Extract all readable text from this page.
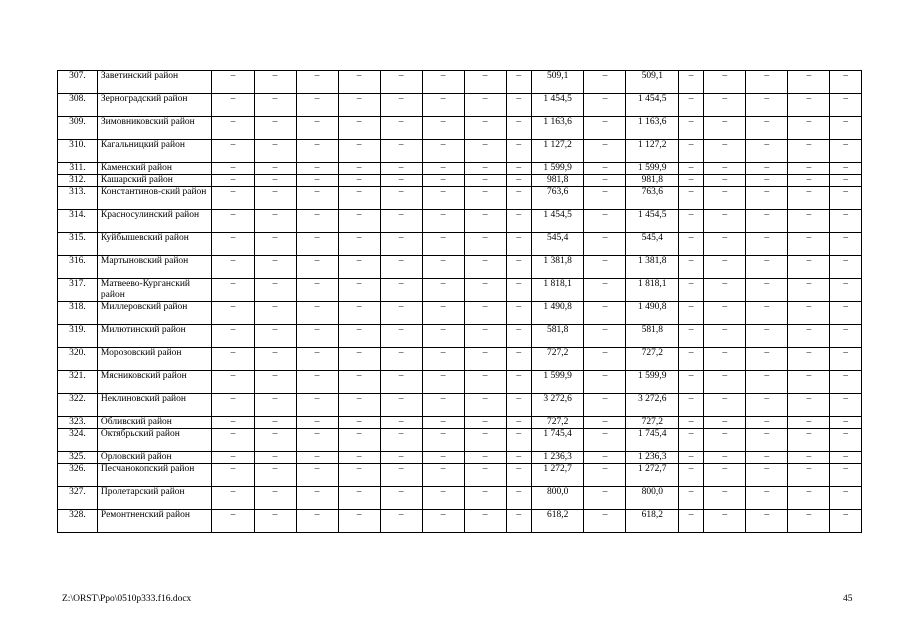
307.	Заветинский район	–	–	–	–	–	–	–	–	509,1	–	509,1	–	–	–	–	–
308.	Зерноградский район	–	–	–	–	–	–	–	–	1 454,5	–	1 454,5	–	–	–	–	–
309.	Зимовниковский район	–	–	–	–	–	–	–	–	1 163,6	–	1 163,6	–	–	–	–	–
310.	Кагальницкий район	–	–	–	–	–	–	–	–	1 127,2	–	1 127,2	–	–	–	–	–
311.	Каменский район	–	–	–	–	–	–	–	–	1 599,9	–	1 599,9	–	–	–	–	–
312.	Кашарский район	–	–	–	–	–	–	–	–	981,8	–	981,8	–	–	–	–	–
313.	Константинов-ский район	–	–	–	–	–	–	–	–	763,6	–	763,6	–	–	–	–	–
314.	Красносулинский район	–	–	–	–	–	–	–	–	1 454,5	–	1 454,5	–	–	–	–	–
315.	Куйбышевский район	–	–	–	–	–	–	–	–	545,4	–	545,4	–	–	–	–	–
316.	Мартыновский район	–	–	–	–	–	–	–	–	1 381,8	–	1 381,8	–	–	–	–	–
317.	Матвеево-Курганский район	–	–	–	–	–	–	–	–	1 818,1	–	1 818,1	–	–	–	–	–
318.	Миллеровский район	–	–	–	–	–	–	–	–	1 490,8	–	1 490,8	–	–	–	–	–
319.	Милютинский район	–	–	–	–	–	–	–	–	581,8	–	581,8	–	–	–	–	–
320.	Морозовский район	–	–	–	–	–	–	–	–	727,2	–	727,2	–	–	–	–	–
321.	Мясниковский район	–	–	–	–	–	–	–	–	1 599,9	–	1 599,9	–	–	–	–	–
322.	Неклиновский район	–	–	–	–	–	–	–	–	3 272,6	–	3 272,6	–	–	–	–	–
323.	Обливский район	–	–	–	–	–	–	–	–	727,2	–	727,2	–	–	–	–	–
324.	Октябрьский район	–	–	–	–	–	–	–	–	1 745,4	–	1 745,4	–	–	–	–	–
325.	Орловский район	–	–	–	–	–	–	–	–	1 236,3	–	1 236,3	–	–	–	–	–
326.	Песчанокопский район	–	–	–	–	–	–	–	–	1 272,7	–	1 272,7	–	–	–	–	–
327.	Пролетарский район	–	–	–	–	–	–	–	–	800,0	–	800,0	–	–	–	–	–
328.	Ремонтненский район	–	–	–	–	–	–	–	–	618,2	–	618,2	–	–	–	–	–
Z:\ORST\Ppo\0510p333.f16.docx	45
